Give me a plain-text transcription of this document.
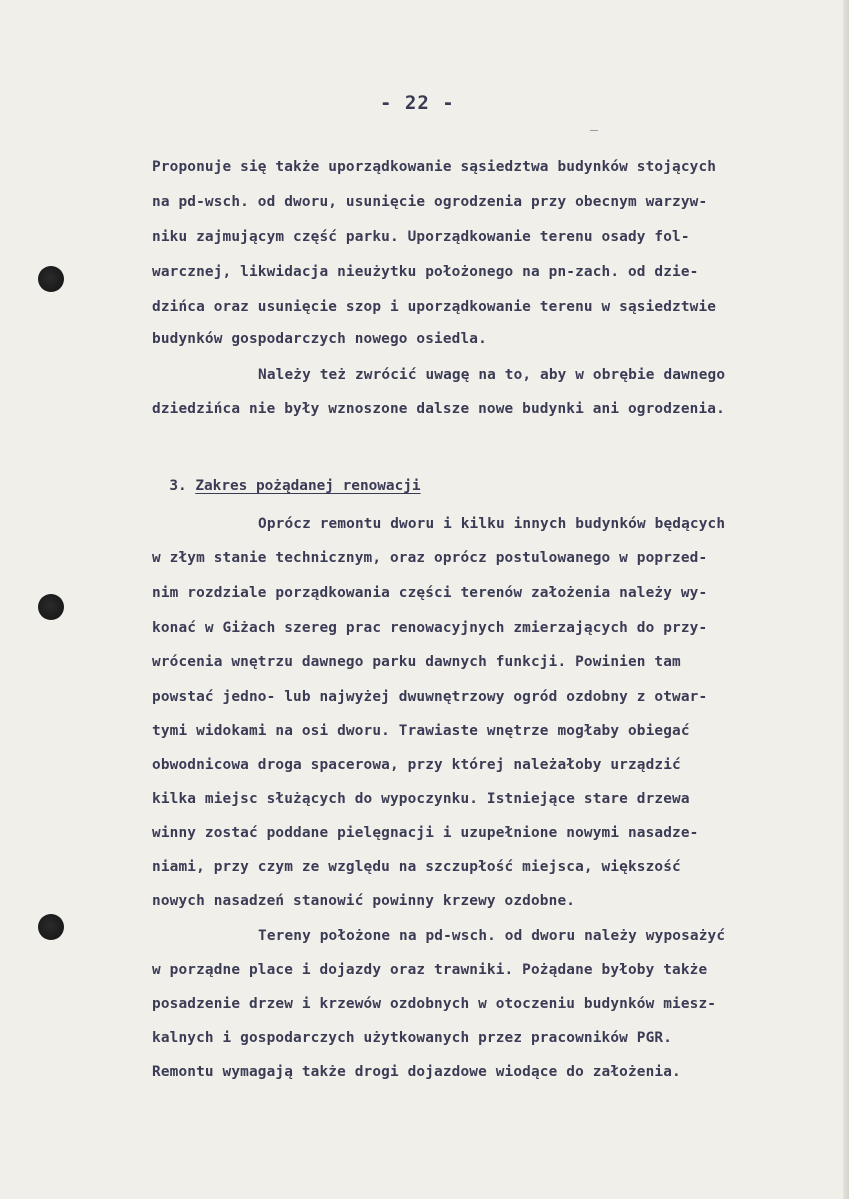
- 22 -
Proponuje się także uporządkowanie sąsiedztwa budynków stojących
na pd-wsch. od dworu, usunięcie ogrodzenia przy obecnym warzyw-
niku zajmującym część parku. Uporządkowanie terenu osady fol-
warcznej, likwidacja nieużytku położonego na pn-zach. od dzie-
dzińca oraz usunięcie szop i uporządkowanie terenu w sąsiedztwie
budynków gospodarczych nowego osiedla.
Należy też zwrócić uwagę na to, aby w obrębie dawnego
dziedzińca nie były wznoszone dalsze nowe budynki ani ogrodzenia.

3. Zakres pożądanej renowacji

Oprócz remontu dworu i kilku innych budynków będących
w złym stanie technicznym, oraz oprócz postulowanego w poprzed-
nim rozdziale porządkowania części terenów założenia należy wy-
konać w Giżach szereg prac renowacyjnych zmierzających do przy-
wrócenia wnętrzu dawnego parku dawnych funkcji. Powinien tam
powstać jedno- lub najwyżej dwuwnętrzowy ogród ozdobny z otwar-
tymi widokami na osi dworu. Trawiaste wnętrze mogłaby obiegać
obwodnicowa droga spacerowa, przy której należałoby urządzić
kilka miejsc służących do wypoczynku. Istniejące stare drzewa
winny zostać poddane pielęgnacji i uzupełnione nowymi nasadze-
niami, przy czym ze względu na szczupłość miejsca, większość
nowych nasadzeń stanowić powinny krzewy ozdobne.
Tereny położone na pd-wsch. od dworu należy wyposażyć
w porządne place i dojazdy oraz trawniki. Pożądane byłoby także
posadzenie drzew i krzewów ozdobnych w otoczeniu budynków miesz-
kalnych i gospodarczych użytkowanych przez pracowników PGR.
Remontu wymagają także drogi dojazdowe wiodące do założenia.
